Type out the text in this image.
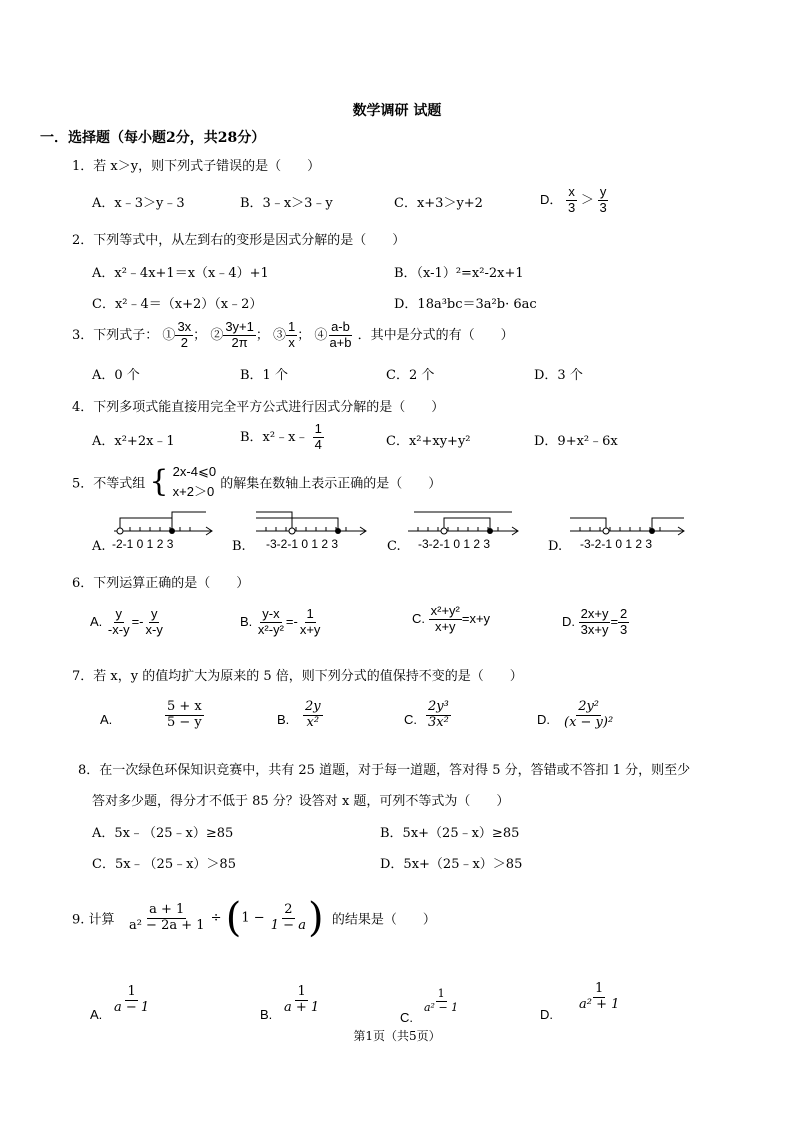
数学调研 试题
一．选择题（每小题2分，共28分）
1．若 x＞y，则下列式子错误的是（　　）
A．x﹣3＞y﹣3	B．3﹣x＞3﹣y	C．x+3＞y+2	D． $\frac{x}{3} > \frac{y}{3}$
2．下列等式中，从左到右的变形是因式分解的是（　　）
A．x²﹣4x+1＝x（x﹣4）+1	B．（x-1）²=x²-2x+1
C．x²﹣4＝（x+2）（x﹣2）	D．18a³bc＝3a²b· 6ac
3．下列式子： ① $\frac{3x}{2}$ ； ② $\frac{3y+1}{2\pi}$ ； ③ $\frac{1}{x}$ ； ④ $\frac{a-b}{a+b}$ ．其中是分式的有（　　）
A．0 个	B．1 个	C．2 个	D．3 个
4．下列多项式能直接用完全平方公式进行因式分解的是（　　）
A．x²+2x﹣1	B．x²﹣x﹣ $\frac{1}{4}$	C．x²+xy+y²	D．9+x²﹣6x
5．不等式组 { 2x-4⩽0
x+2＞0 的解集在数轴上表示正确的是（　　）
A. -2-1 0 1 2 3	B. -3-2-1 0 1 2 3	C. -3-2-1 0 1 2 3	D. -3-2-1 0 1 2 3
6．下列运算正确的是（　　）
A. $\frac{y}{-x-y} =- \frac{y}{x-y}$	B. $\frac{y-x}{\text{x²-y²}} =- \frac{1}{x+y}$	C. $\frac{\text{x²+y²}}{x+y} =x+y$	D. $\frac{2x+y}{3x+y} = \frac{2}{3}$
7．若 x，y 的值均扩大为原来的 5 倍，则下列分式的值保持不变的是（　　）
A.	$\frac{5 + x}{5 - y}$	B. $\frac{2y}{\text{x²}}$	C. $\frac{\text{2y³}}{\text{3x²}}$	D. $\frac{\text{2y²}}{\text{(x − y)²}}$
8．在一次绿色环保知识竞赛中，共有 25 道题，对于每一道题，答对得 5 分，答错或不答扣 1 分，则至少
答对多少题，得分才不低于 85 分？设答对 x 题，可列不等式为（　　）
A．5x﹣（25﹣x）≥85	B．5x+（25﹣x）≥85
C．5x﹣（25﹣x）＞85	D．5x+（25﹣x）＞85
9. 计算 $\frac{a + 1}{\text{a² − 2a + 1}} \div (1 - \frac{2}{1 - a}$ ) 的结果是（　　）
A. $\frac{1}{a - 1}$	B. $\frac{1}{a + 1}$
C.
$\frac{1}{\text{a² − 1}}$
D.
$\frac{1}{\text{a² + 1}}$
第1页（共5页）
